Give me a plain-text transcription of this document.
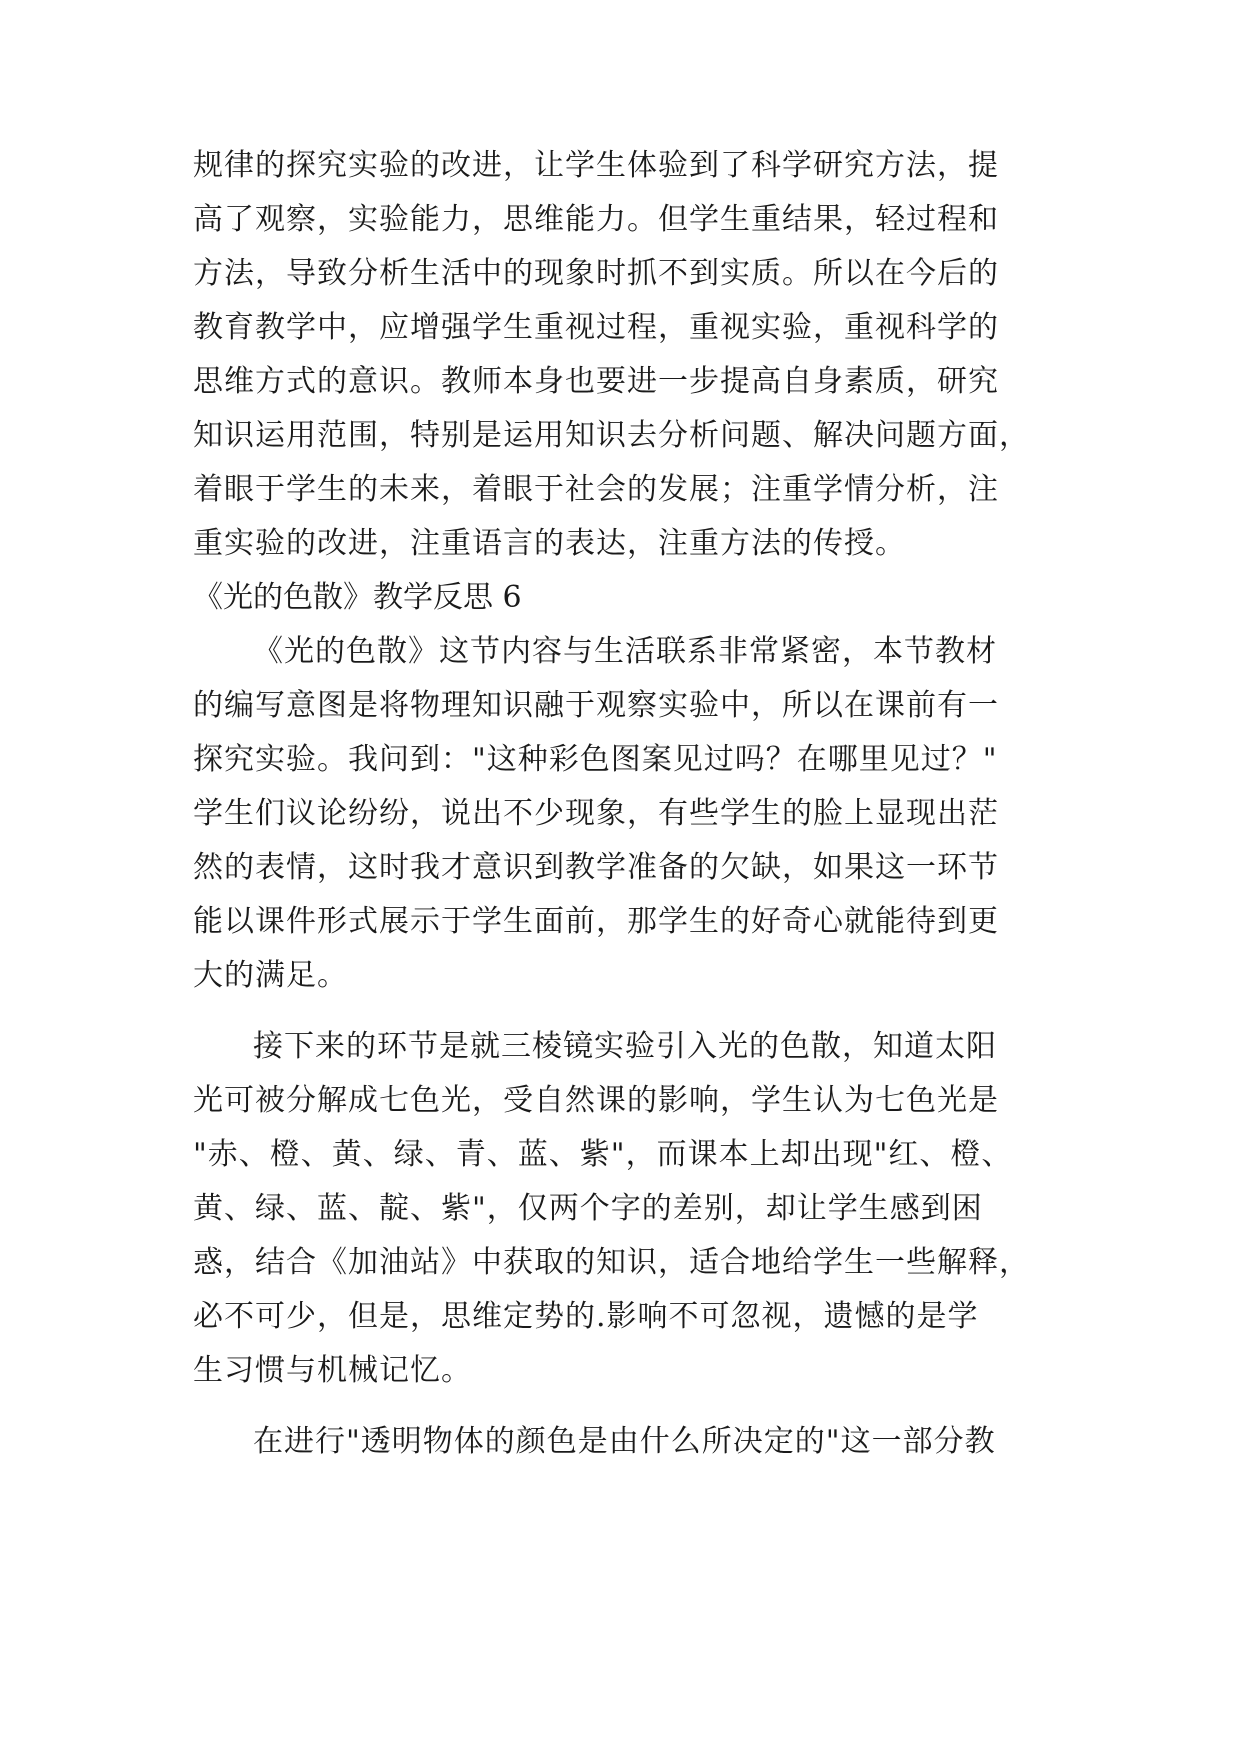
规律的探究实验的改进，让学生体验到了科学研究方法，提
高了观察，实验能力，思维能力。但学生重结果，轻过程和
方法，导致分析生活中的现象时抓不到实质。所以在今后的
教育教学中，应增强学生重视过程，重视实验，重视科学的
思维方式的意识。教师本身也要进一步提高自身素质，研究
知识运用范围，特别是运用知识去分析问题、解决问题方面，
着眼于学生的未来，着眼于社会的发展；注重学情分析，注
重实验的改进，注重语言的表达，注重方法的传授。
《光的色散》教学反思 6
《光的色散》这节内容与生活联系非常紧密，本节教材
的编写意图是将物理知识融于观察实验中，所以在课前有一
探究实验。我问到："这种彩色图案见过吗？在哪里见过？"
学生们议论纷纷，说出不少现象，有些学生的脸上显现出茫
然的表情，这时我才意识到教学准备的欠缺，如果这一环节
能以课件形式展示于学生面前，那学生的好奇心就能待到更
大的满足。
接下来的环节是就三棱镜实验引入光的色散，知道太阳
光可被分解成七色光，受自然课的影响，学生认为七色光是
"赤、橙、黄、绿、青、蓝、紫"，而课本上却出现"红、橙、
黄、绿、蓝、靛、紫"，仅两个字的差别，却让学生感到困
惑，结合《加油站》中获取的知识，适合地给学生一些解释，
必不可少，但是，思维定势的.影响不可忽视，遗憾的是学
生习惯与机械记忆。
在进行"透明物体的颜色是由什么所决定的"这一部分教
